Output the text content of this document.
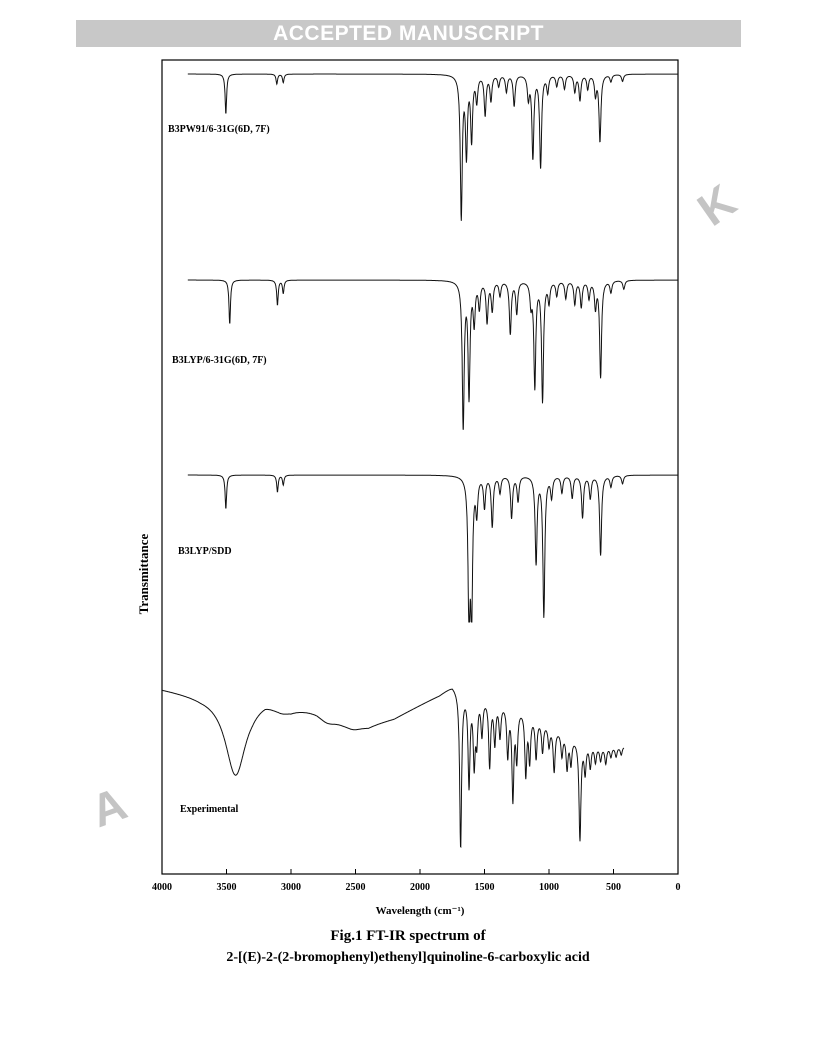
ACCEPTED MANUSCRIPT
K
A
4000	3500	3000	2500	2000	1500	1000	500	0
Transmittance
Wavelength (cm⁻¹)
Fig.1 FT-IR spectrum of
2-[(E)-2-(2-bromophenyl)ethenyl]quinoline-6-carboxylic acid
B3PW91/6-31G(6D, 7F)
B3LYP/6-31G(6D, 7F)
B3LYP/SDD
Experimental
